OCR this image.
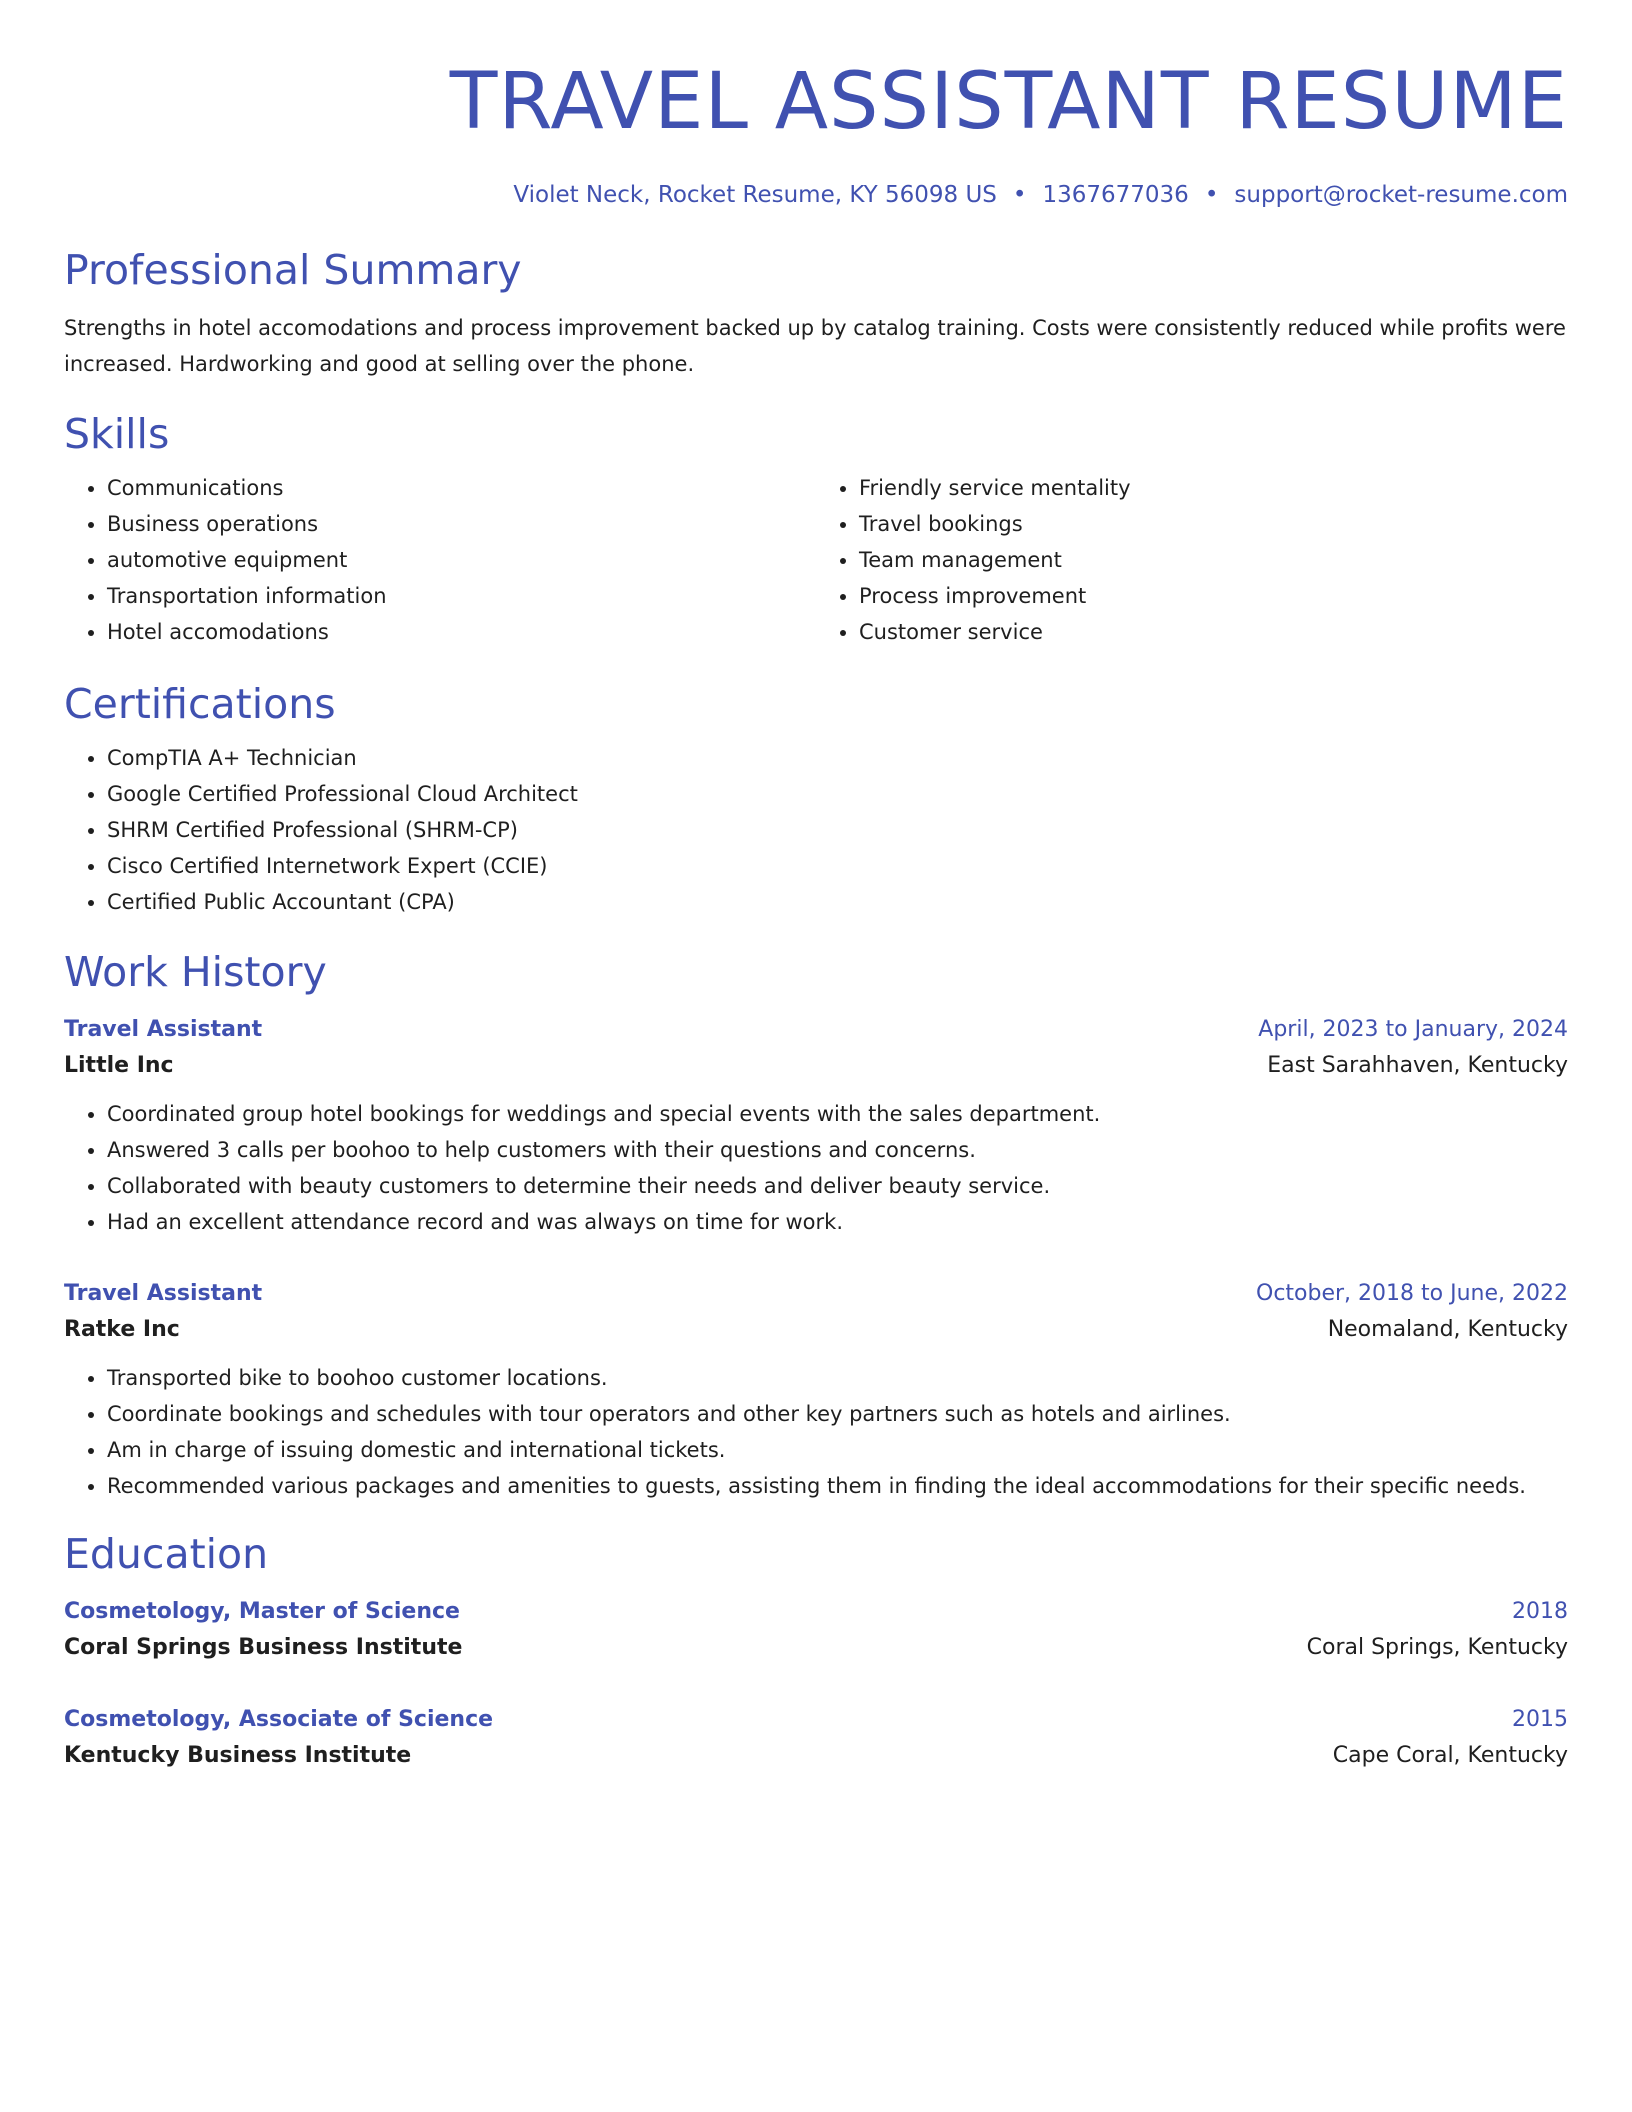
TRAVEL ASSISTANT RESUME
Violet Neck, Rocket Resume, KY 56098 US • 1367677036 • support@rocket-resume.com
Professional Summary

Strengths in hotel accomodations and process improvement backed up by catalog training. Costs were consistently reduced while profits were increased. Hardworking and good at selling over the phone.

Skills
• Communications
• Business operations
• automotive equipment
• Transportation information
• Hotel accomodations
• Friendly service mentality
• Travel bookings
• Team management
• Process improvement
• Customer service
Certifications
• CompTIA A+ Technician
• Google Certified Professional Cloud Architect
• SHRM Certified Professional (SHRM-CP)
• Cisco Certified Internetwork Expert (CCIE)
• Certified Public Accountant (CPA)
Work History
Travel Assistant	April, 2023 to January, 2024
Little Inc	East Sarahhaven, Kentucky
• Coordinated group hotel bookings for weddings and special events with the sales department.
• Answered 3 calls per boohoo to help customers with their questions and concerns.
• Collaborated with beauty customers to determine their needs and deliver beauty service.
• Had an excellent attendance record and was always on time for work.
Travel Assistant	October, 2018 to June, 2022
Ratke Inc	Neomaland, Kentucky
• Transported bike to boohoo customer locations.
• Coordinate bookings and schedules with tour operators and other key partners such as hotels and airlines.
• Am in charge of issuing domestic and international tickets.
• Recommended various packages and amenities to guests, assisting them in finding the ideal accommodations for their specific needs.
Education
Cosmetology, Master of Science	2018
Coral Springs Business Institute	Coral Springs, Kentucky
Cosmetology, Associate of Science	2015
Kentucky Business Institute	Cape Coral, Kentucky
